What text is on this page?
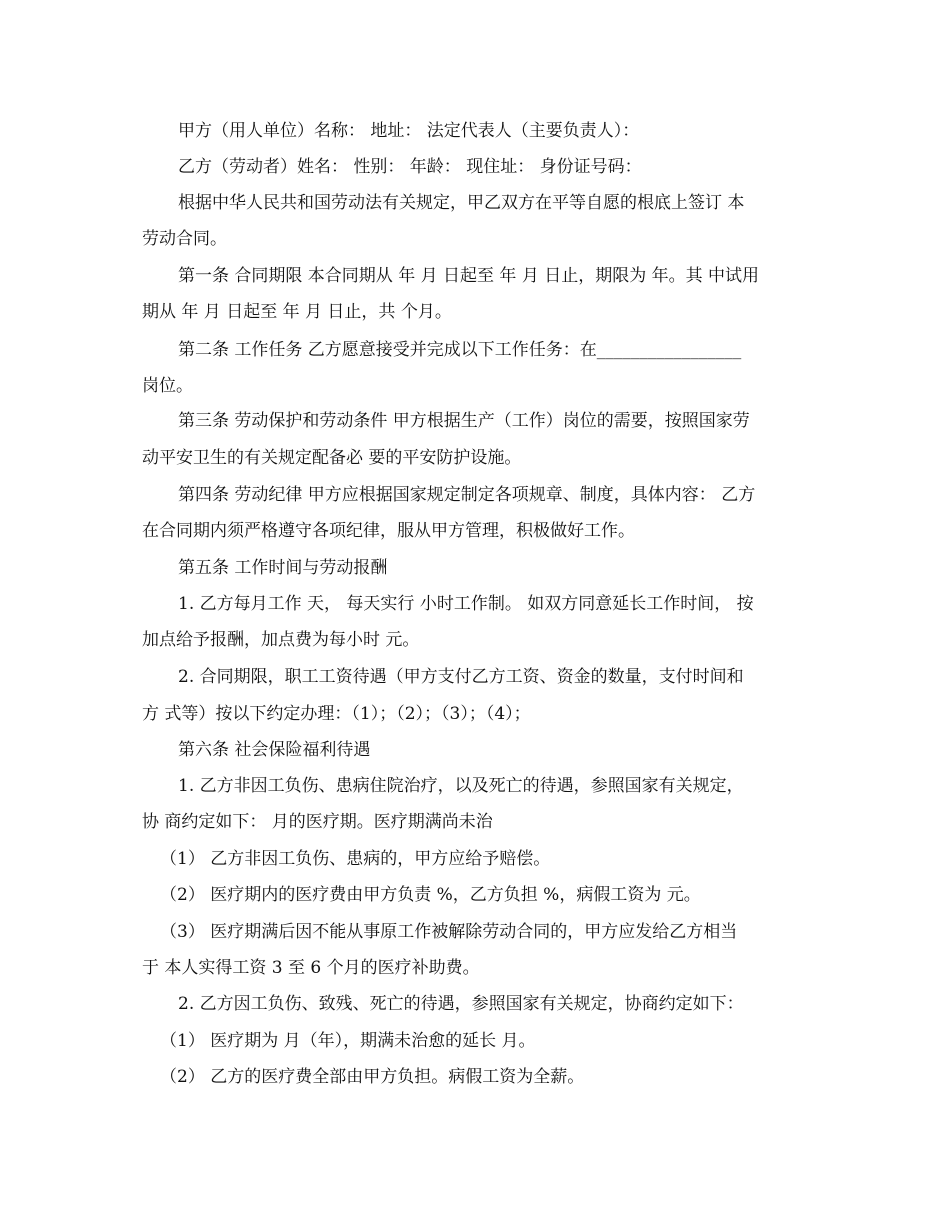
甲方（用人单位）名称： 地址： 法定代表人（主要负责人）：

乙方（劳动者）姓名： 性别： 年龄： 现住址： 身份证号码：

根据中华人民共和国劳动法有关规定，甲乙双方在平等自愿的根底上签订 本

劳动合同。

第一条 合同期限 本合同期从 年 月 日起至 年 月 日止，期限为 年。其 中试用

期从 年 月 日起至 年 月 日止，共 个月。

第二条 工作任务 乙方愿意接受并完成以下工作任务：在_________________

岗位。

第三条 劳动保护和劳动条件 甲方根据生产（工作）岗位的需要，按照国家劳

动平安卫生的有关规定配备必 要的平安防护设施。

第四条 劳动纪律 甲方应根据国家规定制定各项规章、制度，具体内容： 乙方

在合同期内须严格遵守各项纪律，服从甲方管理，积极做好工作。

第五条 工作时间与劳动报酬

1. 乙方每月工作 天， 每天实行 小时工作制。 如双方同意延长工作时间， 按

加点给予报酬，加点费为每小时 元。

2. 合同期限，职工工资待遇（甲方支付乙方工资、资金的数量，支付时间和

方 式等）按以下约定办理：（1）；（2）；（3）；（4）；

第六条 社会保险福利待遇

1. 乙方非因工负伤、患病住院治疗，以及死亡的待遇，参照国家有关规定，

协 商约定如下： 月的医疗期。医疗期满尚未治

（1） 乙方非因工负伤、患病的，甲方应给予赔偿。

（2） 医疗期内的医疗费由甲方负责 %，乙方负担 %，病假工资为 元。

（3） 医疗期满后因不能从事原工作被解除劳动合同的，甲方应发给乙方相当

于 本人实得工资 3 至 6 个月的医疗补助费。

2. 乙方因工负伤、致残、死亡的待遇，参照国家有关规定，协商约定如下：

（1） 医疗期为 月（年），期满未治愈的延长 月。

（2） 乙方的医疗费全部由甲方负担。病假工资为全薪。
